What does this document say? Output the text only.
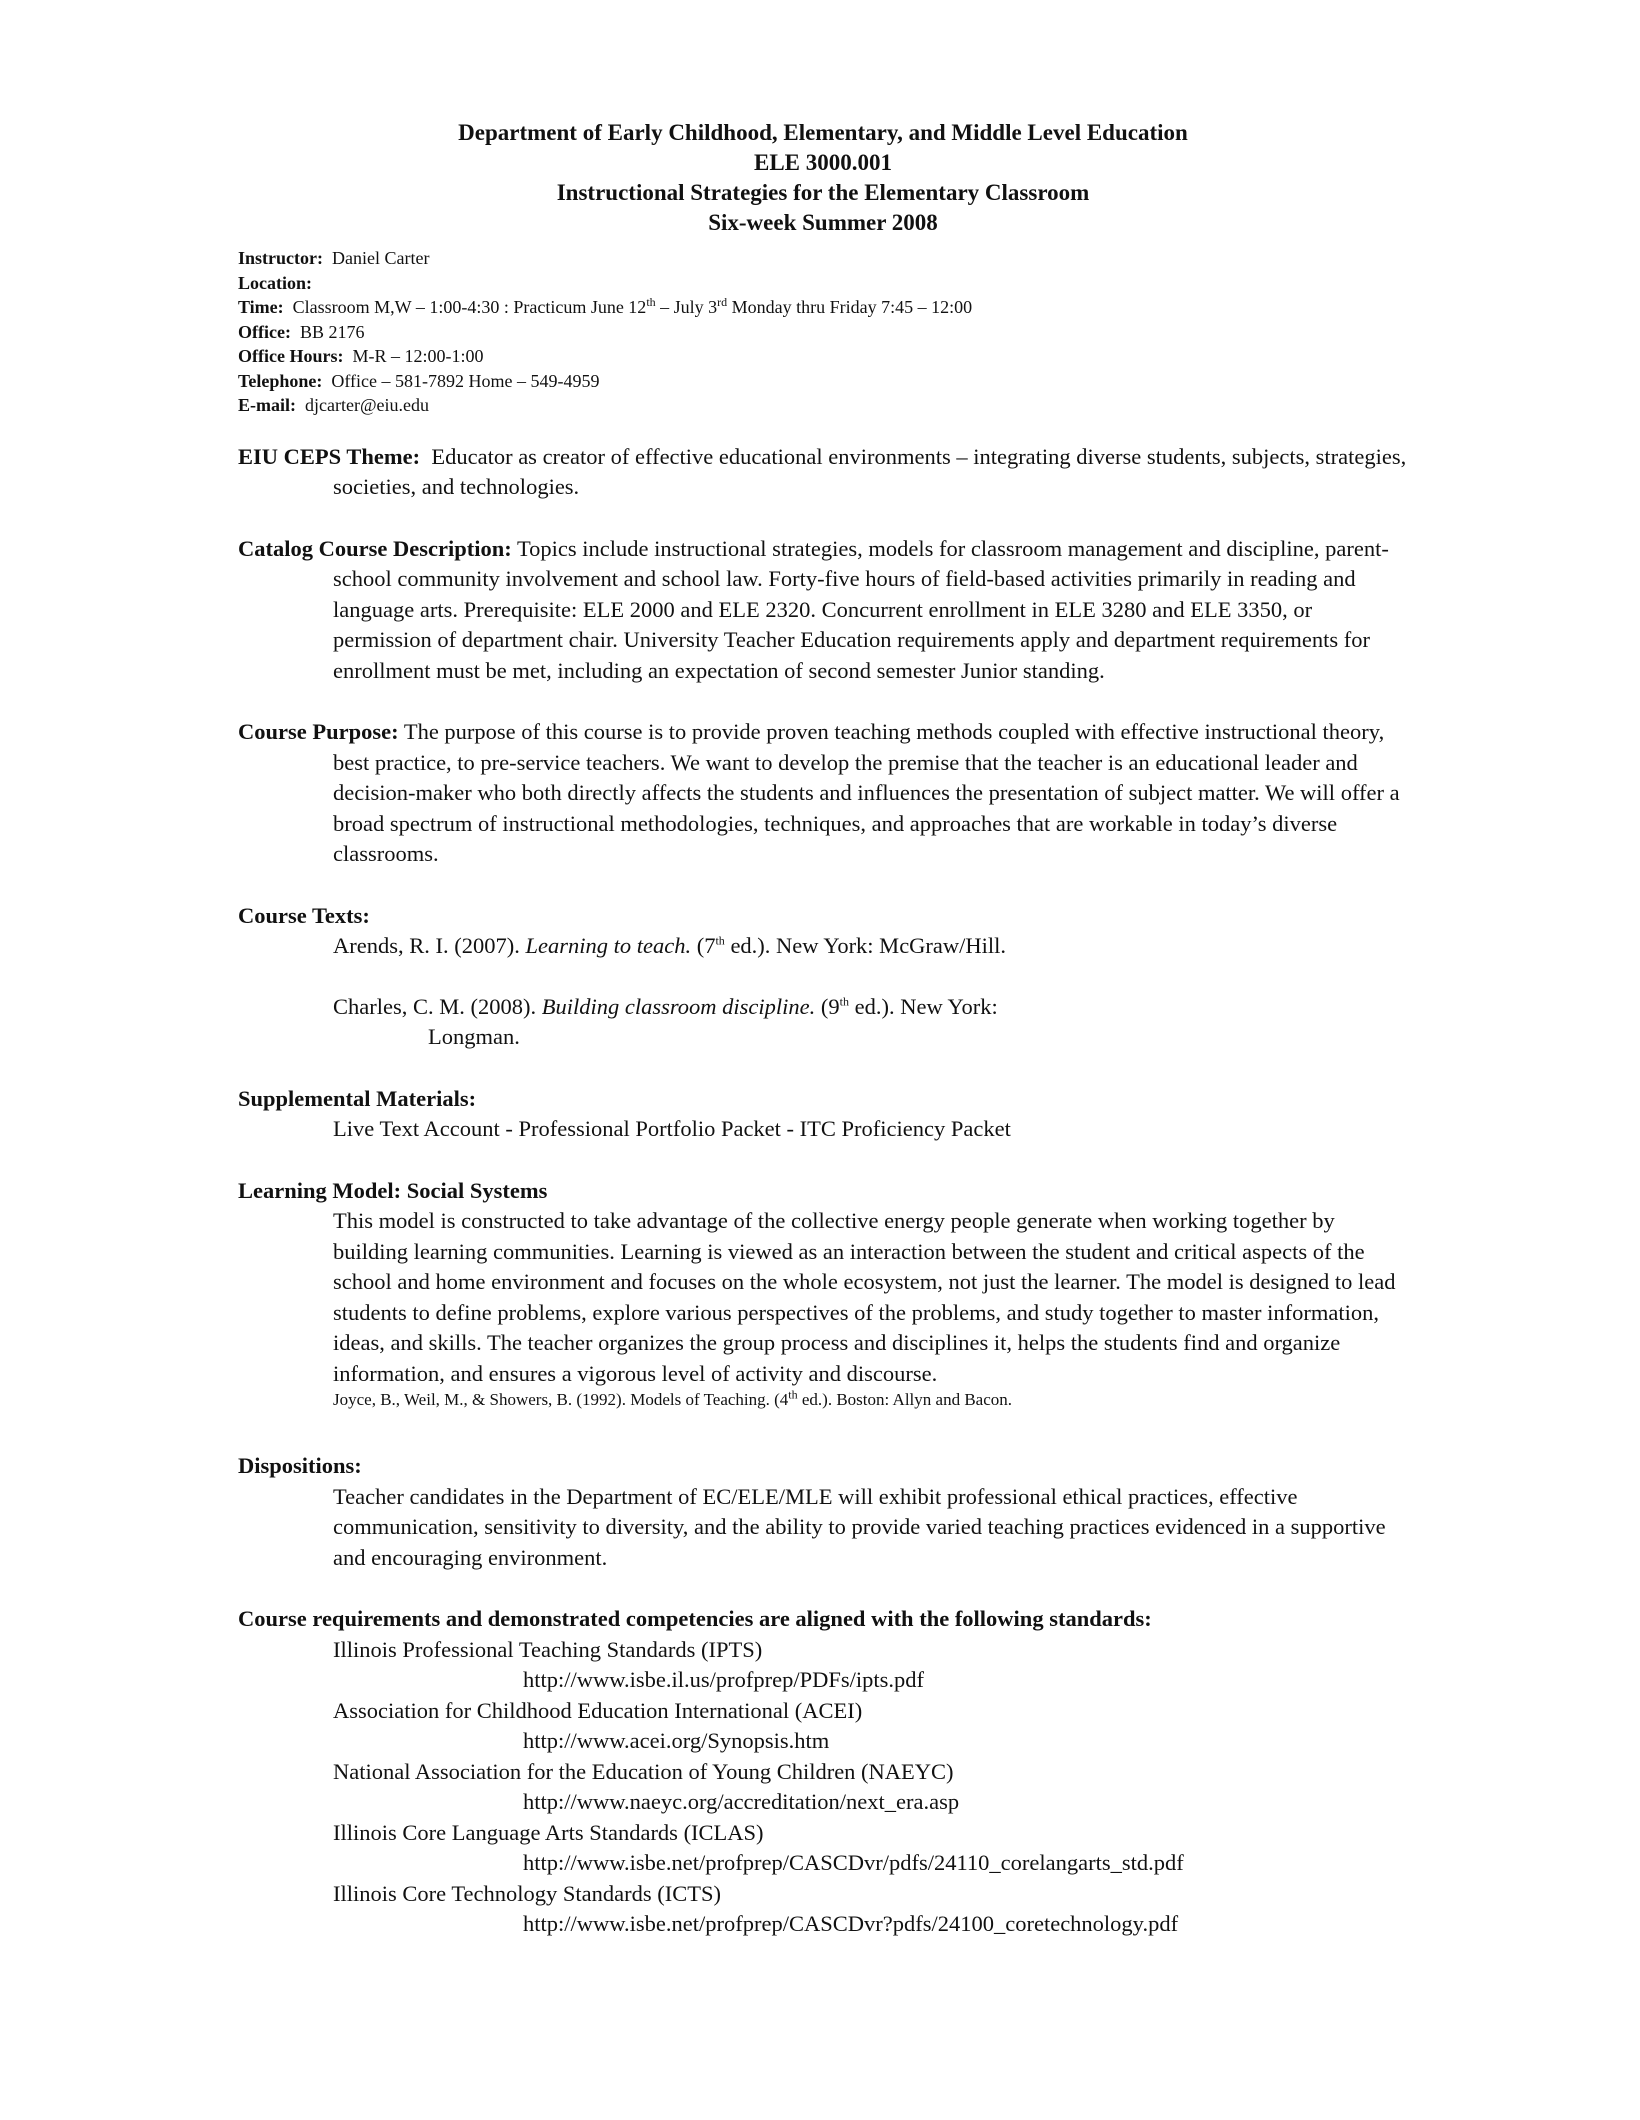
Department of Early Childhood, Elementary, and Middle Level Education
ELE 3000.001
Instructional Strategies for the Elementary Classroom
Six-week Summer 2008
Instructor: Daniel Carter
Location:
Time: Classroom M,W – 1:00-4:30 : Practicum June 12th – July 3rd Monday thru Friday 7:45 – 12:00
Office: BB 2176
Office Hours: M-R – 12:00-1:00
Telephone: Office – 581-7892 Home – 549-4959
E-mail: djcarter@eiu.edu
EIU CEPS Theme: Educator as creator of effective educational environments – integrating diverse students, subjects, strategies, societies, and technologies.
Catalog Course Description: Topics include instructional strategies, models for classroom management and discipline, parent-school community involvement and school law. Forty-five hours of field-based activities primarily in reading and language arts. Prerequisite: ELE 2000 and ELE 2320. Concurrent enrollment in ELE 3280 and ELE 3350, or permission of department chair. University Teacher Education requirements apply and department requirements for enrollment must be met, including an expectation of second semester Junior standing.
Course Purpose: The purpose of this course is to provide proven teaching methods coupled with effective instructional theory, best practice, to pre-service teachers. We want to develop the premise that the teacher is an educational leader and decision-maker who both directly affects the students and influences the presentation of subject matter. We will offer a broad spectrum of instructional methodologies, techniques, and approaches that are workable in today’s diverse classrooms.
Course Texts:
Arends, R. I. (2007). Learning to teach. (7th ed.). New York: McGraw/Hill.
Charles, C. M. (2008). Building classroom discipline. (9th ed.). New York:
Longman.
Supplemental Materials:
Live Text Account - Professional Portfolio Packet - ITC Proficiency Packet
Learning Model: Social Systems
This model is constructed to take advantage of the collective energy people generate when working together by building learning communities. Learning is viewed as an interaction between the student and critical aspects of the school and home environment and focuses on the whole ecosystem, not just the learner. The model is designed to lead students to define problems, explore various perspectives of the problems, and study together to master information, ideas, and skills. The teacher organizes the group process and disciplines it, helps the students find and organize information, and ensures a vigorous level of activity and discourse.
Joyce, B., Weil, M., & Showers, B. (1992). Models of Teaching. (4th ed.). Boston: Allyn and Bacon.
Dispositions:
Teacher candidates in the Department of EC/ELE/MLE will exhibit professional ethical practices, effective communication, sensitivity to diversity, and the ability to provide varied teaching practices evidenced in a supportive and encouraging environment.
Course requirements and demonstrated competencies are aligned with the following standards:
Illinois Professional Teaching Standards (IPTS)
http://www.isbe.il.us/profprep/PDFs/ipts.pdf
Association for Childhood Education International (ACEI)
http://www.acei.org/Synopsis.htm
National Association for the Education of Young Children (NAEYC)
http://www.naeyc.org/accreditation/next_era.asp
Illinois Core Language Arts Standards (ICLAS)
http://www.isbe.net/profprep/CASCDvr/pdfs/24110_corelangarts_std.pdf
Illinois Core Technology Standards (ICTS)
http://www.isbe.net/profprep/CASCDvr?pdfs/24100_coretechnology.pdf
